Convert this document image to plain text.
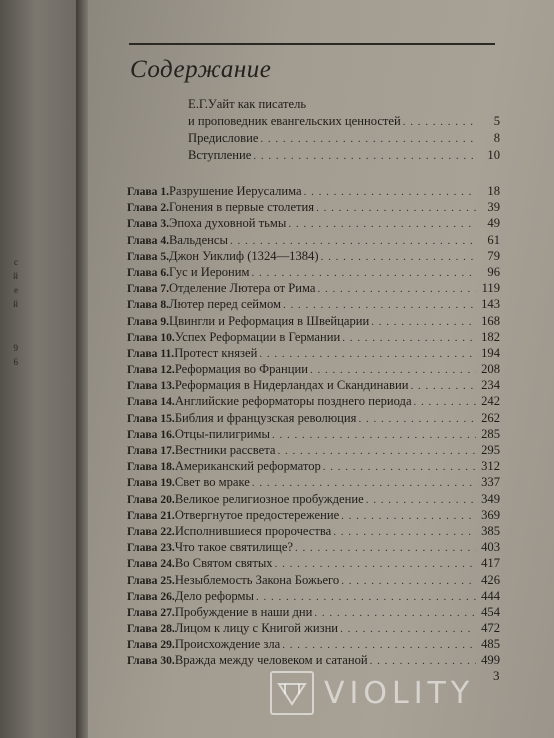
с
й
е
й
9
6
Содержание
Е.Г.Уайт как писатель
и проповедник евангельских ценностей . . .	5
Предисловие . . .	8
Вступление . . .	10
Глава 1. Разрушение Иерусалима . . .	18
Глава 2. Гонения в первые столетия . . .	39
Глава 3. Эпоха духовной тьмы . . .	49
Глава 4. Вальденсы . . .	61
Глава 5. Джон Уиклиф (1324—1384) . . .	79
Глава 6. Гус и Иероним . . .	96
Глава 7. Отделение Лютера от Рима . . .	119
Глава 8. Лютер перед сеймом . . .	143
Глава 9. Цвингли и Реформация в Швейцарии . . .	168
Глава 10. Успех Реформации в Германии . . .	182
Глава 11. Протест князей . . .	194
Глава 12. Реформация во Франции . . .	208
Глава 13. Реформация в Нидерландах и Скандинавии . . .	234
Глава 14. Английские реформаторы позднего периода . . .	242
Глава 15. Библия и французская революция . . .	262
Глава 16. Отцы-пилигримы . . .	285
Глава 17. Вестники рассвета . . .	295
Глава 18. Американский реформатор . . .	312
Глава 19. Свет во мраке . . .	337
Глава 20. Великое религиозное пробуждение . . .	349
Глава 21. Отвергнутое предостережение . . .	369
Глава 22. Исполнившиеся пророчества . . .	385
Глава 23. Что такое святилище? . . .	403
Глава 24. Во Святом святых . . .	417
Глава 25. Незыблемость Закона Божьего . . .	426
Глава 26. Дело реформы . . .	444
Глава 27. Пробуждение в наши дни . . .	454
Глава 28. Лицом к лицу с Книгой жизни . . .	472
Глава 29. Происхождение зла . . .	485
Глава 30. Вражда между человеком и сатаной . . .	499
VIOLITY 3
